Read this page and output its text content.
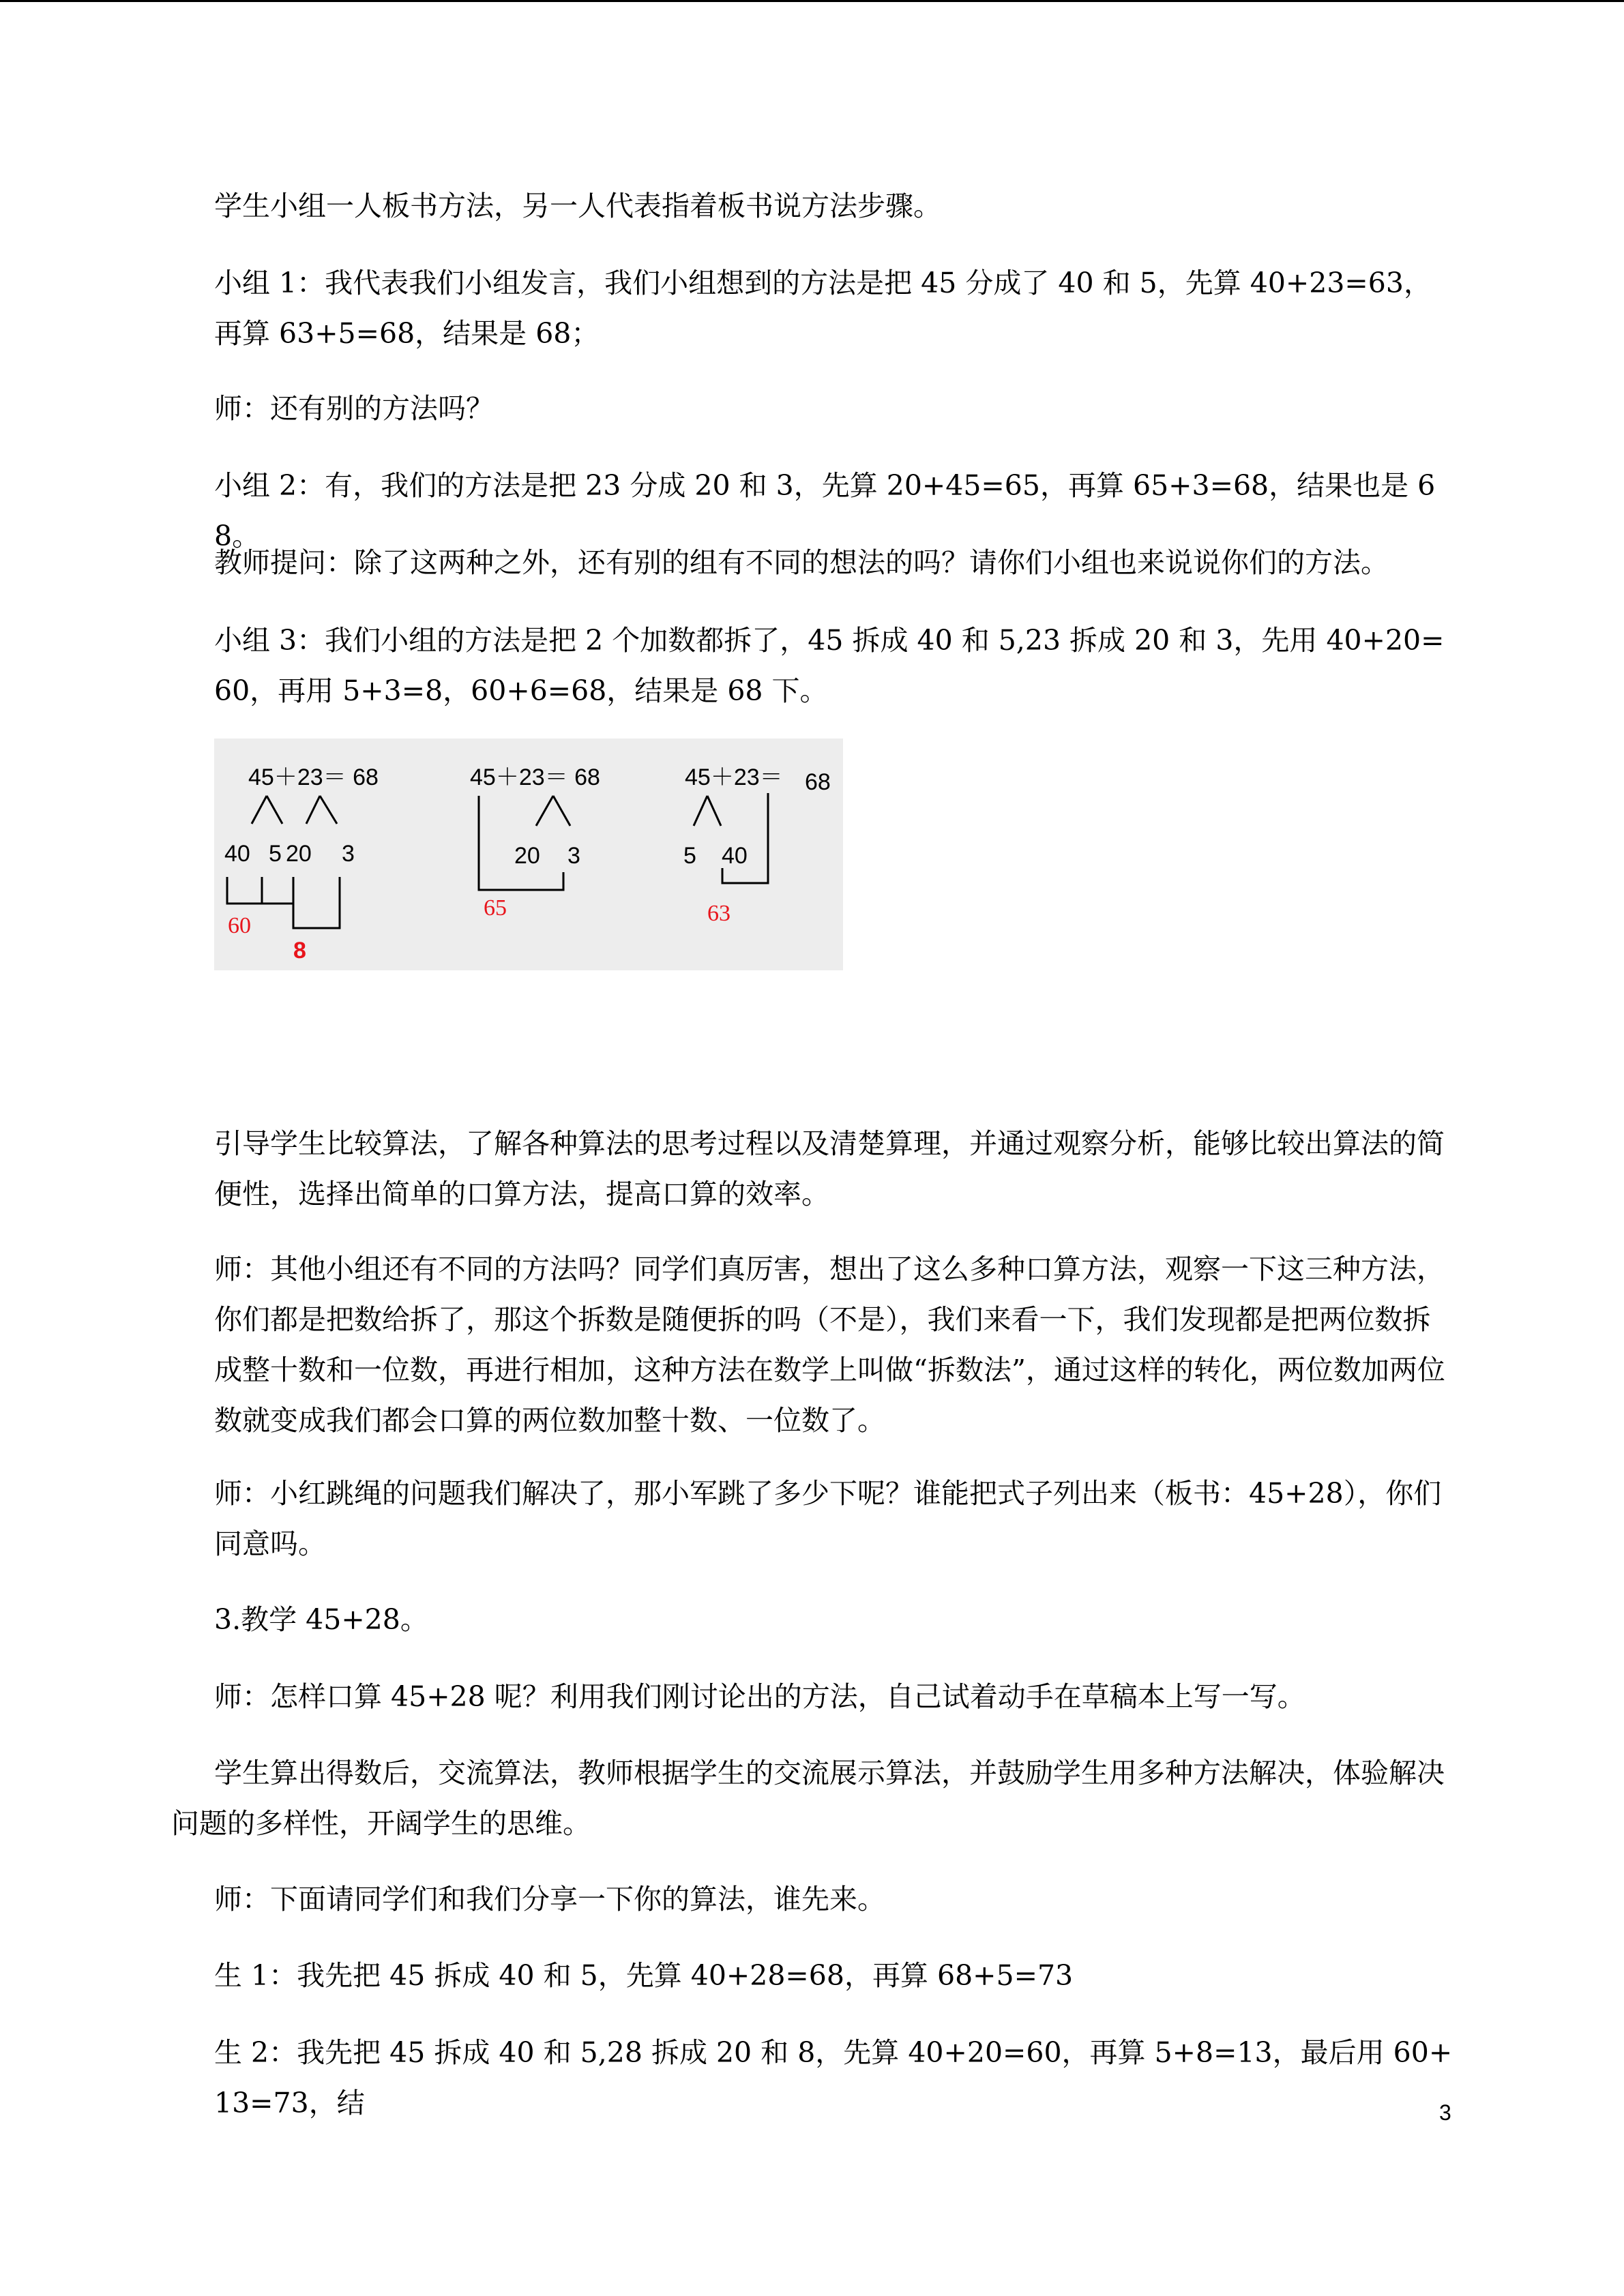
学生小组一人板书方法，另一人代表指着板书说方法步骤。

小组 1：我代表我们小组发言，我们小组想到的方法是把 45 分成了 40 和 5，先算 40+23=63，再算 63+5=68，结果是 68；

师：还有别的方法吗？

小组 2：有，我们的方法是把 23 分成 20 和 3，先算 20+45=65，再算 65+3=68，结果也是 68。

教师提问：除了这两种之外，还有别的组有不同的想法的吗？请你们小组也来说说你们的方法。

小组 3：我们小组的方法是把 2 个加数都拆了，45 拆成 40 和 5,23 拆成 20 和 3，先用 40+20=60，再用 5+3=8，60+6=68，结果是 68 下。

45＋23＝ 68
40 5 20 3
60
8
45＋23＝ 68
20 3
65
45＋23＝ 68
5 40
63

引导学生比较算法，了解各种算法的思考过程以及清楚算理，并通过观察分析，能够比较出算法的简便性，选择出简单的口算方法，提高口算的效率。

师：其他小组还有不同的方法吗？同学们真厉害，想出了这么多种口算方法，观察一下这三种方法，你们都是把数给拆了，那这个拆数是随便拆的吗（不是），我们来看一下，我们发现都是把两位数拆成整十数和一位数，再进行相加，这种方法在数学上叫做“拆数法”，通过这样的转化，两位数加两位数就变成我们都会口算的两位数加整十数、一位数了。

师：小红跳绳的问题我们解决了，那小军跳了多少下呢？谁能把式子列出来（板书：45+28），你们同意吗。

3.教学 45+28。

师：怎样口算 45+28 呢？利用我们刚讨论出的方法，自己试着动手在草稿本上写一写。

学生算出得数后，交流算法，教师根据学生的交流展示算法，并鼓励学生用多种方法解决，体验解决问题的多样性，开阔学生的思维。

师：下面请同学们和我们分享一下你的算法，谁先来。

生 1：我先把 45 拆成 40 和 5，先算 40+28=68，再算 68+5=73

生 2：我先把 45 拆成 40 和 5,28 拆成 20 和 8，先算 40+20=60，再算 5+8=13，最后用 60+13=73，结	3
